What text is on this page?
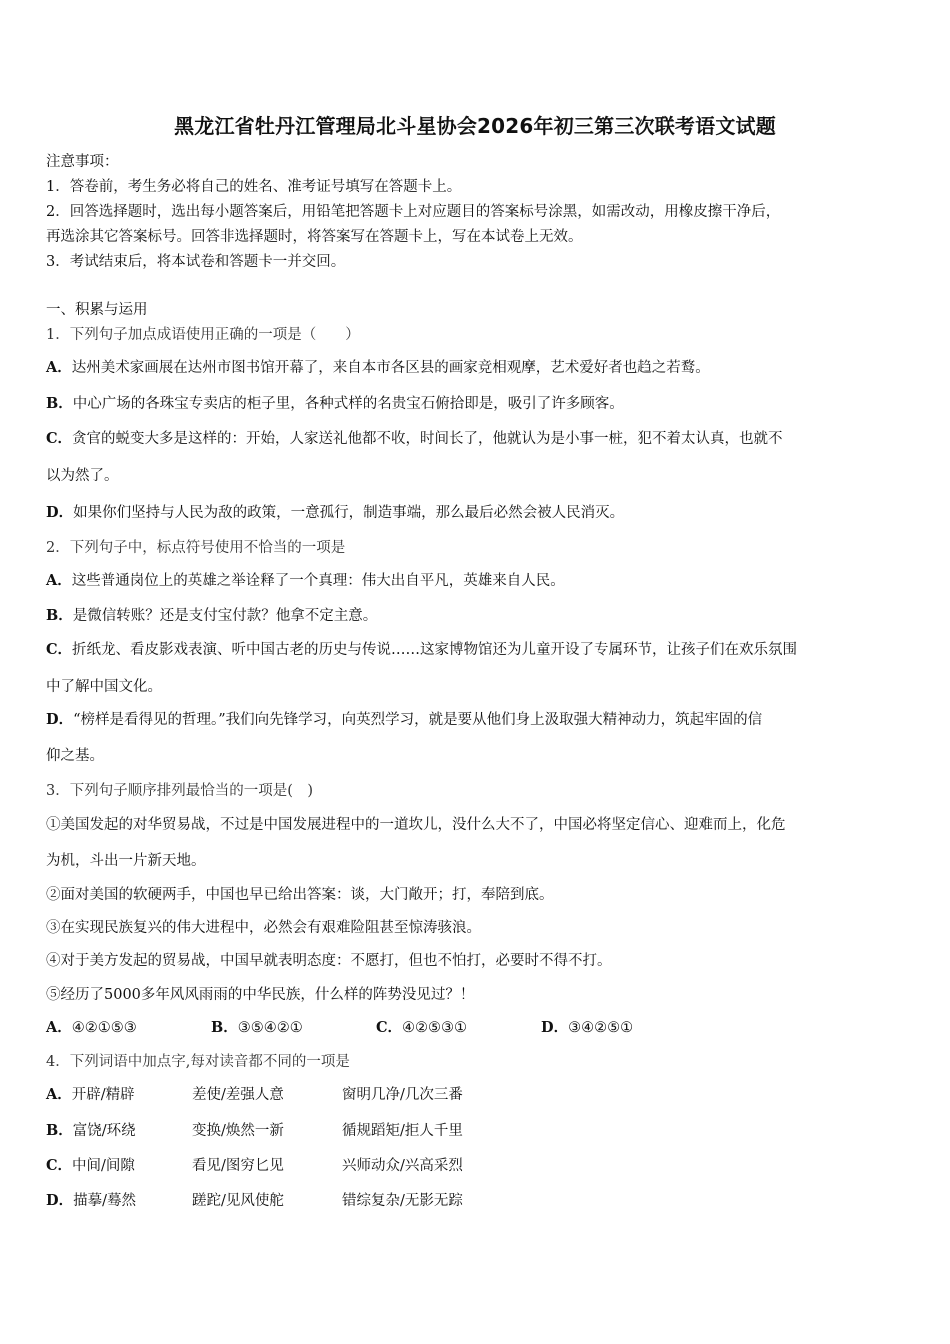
黑龙江省牡丹江管理局北斗星协会2026年初三第三次联考语文试题
注意事项：
1．答卷前，考生务必将自己的姓名、准考证号填写在答题卡上。
2．回答选择题时，选出每小题答案后，用铅笔把答题卡上对应题目的答案标号涂黑，如需改动，用橡皮擦干净后，
再选涂其它答案标号。回答非选择题时，将答案写在答题卡上，写在本试卷上无效。
3．考试结束后，将本试卷和答题卡一并交回。
一、积累与运用
1．下列句子加点成语使用正确的一项是（　　）
A．达州美术家画展在达州市图书馆开幕了，来自本市各区县的画家竞相观摩，艺术爱好者也趋之若鹜。
B．中心广场的各珠宝专卖店的柜子里，各种式样的名贵宝石俯拾即是，吸引了许多顾客。
C．贪官的蜕变大多是这样的：开始，人家送礼他都不收，时间长了，他就认为是小事一桩，犯不着太认真，也就不
以为然了。
D．如果你们坚持与人民为敌的政策，一意孤行，制造事端，那么最后必然会被人民消灭。
2．下列句子中，标点符号使用不恰当的一项是
A．这些普通岗位上的英雄之举诠释了一个真理：伟大出自平凡，英雄来自人民。
B．是微信转账？还是支付宝付款？他拿不定主意。
C．折纸龙、看皮影戏表演、听中国古老的历史与传说……这家博物馆还为儿童开设了专属环节，让孩子们在欢乐氛围
中了解中国文化。
D．“榜样是看得见的哲理。”我们向先锋学习，向英烈学习，就是要从他们身上汲取强大精神动力，筑起牢固的信
仰之基。
3．下列句子顺序排列最恰当的一项是(　)
①美国发起的对华贸易战，不过是中国发展进程中的一道坎儿，没什么大不了，中国必将坚定信心、迎难而上，化危
为机，斗出一片新天地。
②面对美国的软硬两手，中国也早已给出答案：谈，大门敞开；打，奉陪到底。
③在实现民族复兴的伟大进程中，必然会有艰难险阻甚至惊涛骇浪。
④对于美方发起的贸易战，中国早就表明态度：不愿打，但也不怕打，必要时不得不打。
⑤经历了5000多年风风雨雨的中华民族，什么样的阵势没见过？！
A．④②①⑤③	B．③⑤④②①	C．④②⑤③①	D．③④②⑤①
4．下列词语中加点字,每对读音都不同的一项是
A．开辟/精辟	差使/差强人意	窗明几净/几次三番
B．富饶/环绕	变换/焕然一新	循规蹈矩/拒人千里
C．中间/间隙	看见/图穷匕见	兴师动众/兴高采烈
D．描摹/蓦然	蹉跎/见风使舵	错综复杂/无影无踪
